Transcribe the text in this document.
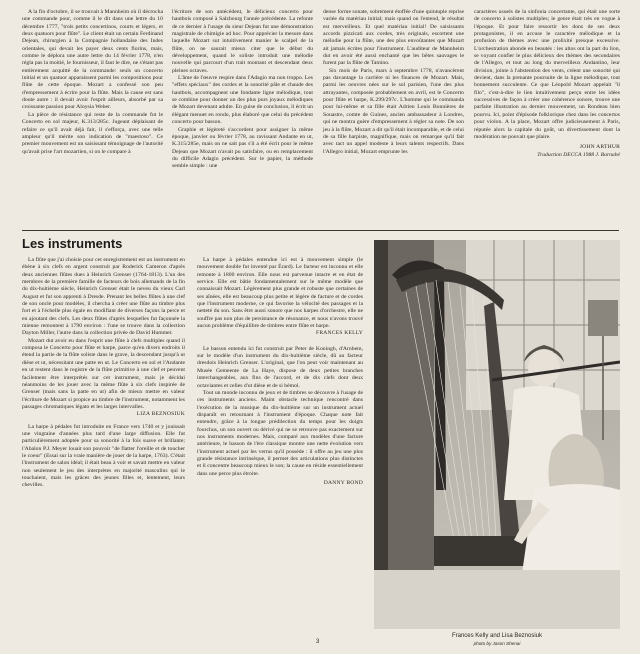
A la fin d'octobre, il se trouvait à Mannheim où il décrocha une commande pour, comme il le dit dans une lettre du 10 décembre 1777, "trois petits concertinos, courts et légers, et deux quatuors pour flûte". Le client était un certain Ferdinand Dejean, chirurgien à la Compagnie hollandaise des Indes orientales, qui devait les payer deux cents florins, mais, comme le déplora une autre lettre du 14 février 1778, n'en régla pas la moitié, le fournisseur, il faut le dire, ne s'étant pas entièrement acquitté de la commande: seuls un concerto initial et un quatuor apparaissent parmi les compositions pour flûte de cette époque. Mozart a confessé son peu d'empressement à écrire pour la flûte. Mais la cause est sans doute autre : il devait avoir l'esprit ailleurs, absorbé par sa croissante passion pour Aloysia Weber.

La pièce de résistance qui reste de la commande fut le Concerto en sol majeur, K.313/285c. Jugeant déplaisant de refaire ce qu'il avait déjà fait, il s'efforça, avec une telle ampleur qu'il mérite son indication de "maestoso". Ce premier mouvement est un saisissant témoignage de l'autorité qu'avait prise l'art mozartien, si on le compare à

l'écriture de son antécédent, le délicieux concerto pour hautbois composé à Salzbourg l'année précédente. La refonte de ce dernier à l'usage du sieur Dejean fut une démonstration magistrale de chimigie ad hoc. Pour apprécier la mesure dans laquelle Mozart sut intuitivement manier le scalpel de la flûte, on ne saurait mieux citer que le début du développement, quand le soliste introduit une mélodie nouvelle qui parcourt d'un trait montant et descendant deux pleines octaves.

L'âme de l'œuvre respire dans l'Adagio ma non troppo. Les "effets spéciaux" des cordes et la sonorité pâle et chaude des hautbois, accompagnent une fondante ligne mélodique, tout se combine pour donner un des plus purs joyaux mélodiques de Mozart devenant adulte. En guise de conclusion, il écrit un élégant menuet en rondo, plus élaboré que celui du précédent concerto pour basson.

Graphie et légèreté s'accordent pour assigner la même époque, janvier ou février 1778, au ravissant Andante en ut, K.315/285e, mais on ne sait pas s'il a été écrit pour le même Dejean que Mozart n'avait pu satisfaire, ou en remplacement du difficile Adagio précédent. Sur le papier, la méthode semble simple : une

dense forme sonate, sobrement étoffée d'une quintuple reprise variée du matériau initial; mais quand on l'entend, le résultat est merveilleux. Et quel matériau initial! De saisissants accords pizzicati aux cordes, très originals, escortent une mélodie pour la flûte, une des plus envoûtantes que Mozart ait jamais écrites pour l'instrument. L'auditeur de Mannheim dut en avoir été aussi enchanté que les bêtes sauvages le furent par la flûte de Tamino.

Six mois de Paris, mars à septembre 1778, n'avancèrent pas davantage la carrière ni les finances de Mozart. Mais, parmi les oeuvres nées sur le sol parisien, l'une des plus attrayantes, composée probablement en avril, est le Concerto pour flûte et harpe, K.299/297c. L'homme qui le commanda pour lui-même et sa fille était Adrien Louis Bonnières de Souastre, comte de Guines, ancien ambassadeur à Londres, qui ne montra guère d'empressement à régler sa note. De son jeu à la flûte, Mozart a dit qu'il était incomparable, et de celui de sa fille harpiste, magnifique, mais on remarque qu'il fait avec tact un appel modeste à leurs talents respectifs. Dans l'Allegro initial, Mozart emprunte les

caractères usuels de la sinfonia concertante, qui était une sorte de concerto à solistes multiples; le genre était très en vogue à l'époque. Et pour faire ressortir les dons de ses deux protagonistes, il en accuse le caractère mélodique et la profusion de thèmes avec une prolixité presque excessive. L'orchestration abonde en beautés : les altos ont la part du lion, se voyant confier le plus délicieux des thèmes des secondaires de l'Allegro, et tout au long du merveilleux Andantino, leur division, jointe à l'abstention des vents, créent une sonorité qui devient, dans la prenante poursuite de la ligne mélodique, tout bonnement succulente. Ce que Léopold Mozart appelait "il filo", c'est-à-dire le lien intuitivement perçu entre les idées successives de façon à créer une cohérence sonore, trouve une parfaite illustration au dernier mouvement, un Rondeau bien pourvu. Ici, point d'épisode folklorique chez dans les concertos pour violon. A la place, Mozart offre judicieusement à Paris, réputée alors la capitale du goût, un divertissement dont la modération ne pouvait que plaire.

JOHN ARTHUR
Traduction DECCA 1988 J. Barnabé
Les instruments

La flûte que j'ai choisie pour cet enregistrement est un instrument en ébène à six clefs en argent construit par Roderick Cameron d'après deux anciennes flûtes dues à Heinrich Grenser (1764-1813). L'un des membres de la première famille de facteurs de bois allemands de la fin du dix-huitième siècle, Heinrich Grenser était le neveu du vieux Carl August et fut son apprenti à Dresde. Prenant les belles flûtes à une clef de son oncle pour modèles, il chercha à créer une flûte au timbre plus fort et à l'échelle plus égale en modifiant de diverses façons la perce et en ajoutant des clefs. Les deux flûtes d'après lesquelles fut façonnée la mienne remontent à 1790 environ : l'une se trouve dans la collection Dayton Miller, l'autre dans la collection privée de David Hummer.

Mozart dut avoir eu dans l'esprit une flûte à clefs multiples quand il composa le Concerto pour flûte et harpe, parce qu'en divers endroits il étend la partie de la flûte soliste dans le grave, la descendant jusqu'à ut dièse et ut, nécessitant une patte en ut. Le Concerto en sol et l'Andante en ut restent dans le registre de la flûte primitive à une clef et peuvent facilement être interprétés sur cet instrument, mais je décidai néanmoins de les jouer avec la même flûte à six clefs inspirée de Grenser (mais sans la patte en ut) afin de mieux mettre en valeur l'écriture de Mozart si propice au timbre de l'instrument, notamment les passages chromatiques légato et les larges intervalles.

LIZA BEZNOSIUK

La harpe à pédales fut introduite en France vers 1740 et y jouissait une vingtaine d'années plus tard d'une large diffusion. Elle fut particulièrement adoptée pour sa sonorité à la fois suave et brillante; l'Abalon P.J. Meyer louait son pouvoir "de flatter l'oreille et de toucher le coeur" (Essai sur la vraie manière de jouer de la harpe, 1763). C'était l'instrument de salon idéal; il était beau à voir et savait mettre en valeur non seulement le jeu des interprètes en majorité masculins qui le touchaient, mais les grâces des jeunes filles et, lentement, leurs chevilles.

La harpe à pédales entendue ici est à mouvement simple (le mouvement double fut inventé par Érard). Le facteur est inconnu et elle remonte à 1800 environ. Elle nous est parvenue intacte et en état de service. Elle est bâtie fondamentalement sur le même modèle que connaissait Mozart. Légèrement plus grande et robuste que certaines de ses aînées, elle est beaucoup plus petite et légère de facture et de cordes que l'instrument moderne, ce qui favorise la vélocité des passages et la netteté du son. Sans être aussi sonore que nos harpes d'orchestre, elle ne souffre pas non plus de persistance de résonance, et nous n'avons trouvé aucun problème d'équilibre de timbres entre flûte et harpe.

FRANCES KELLY

Le basson entendu ici fut construit par Peter de Koningh, d'Arnhem, sur le modèle d'un instrument du dix-huitième siècle, dû au facteur dresdois Heinrich Grenser. L'original, que l'on peut voir maintenant au Musée Gemeente de La Haye, dispose de deux petites branches interchangeables, aux fins de l'accord, et de dix clefs dont deux octaviantes et celles d'ut dièse et de si bémol.

Tout un monde inconnu de jeux et de timbres se découvre à l'usage de ces instruments anciens. Maint obstacle technique rencontré dans l'exécution de la musique du dix-huitième sur un instrument actuel disparaît en retournant à l'instrument d'époque. Chaque note fait entendre, grâce à la longue prédilection du temps pour les doigts fourchus, un son ouvert ou dérivé qui ne se retrouve pas exactement sur nos instruments modernes. Mais, comparé aux modèles d'une facture antérieure, le basson de l'ère classique montre une nette évolution vers l'instrument actuel par les vertus qu'il possède : il offre au jeu une plus grande résistance intrinsèque, il permet des articulations plus distinctes et il concentre beaucoup mieux le son; la cause en réside essentiellement dans une perce plus étroite.

DANNY BOND
Frances Kelly and Lisa Beznosiuk
photo by Jason Shenai
3
